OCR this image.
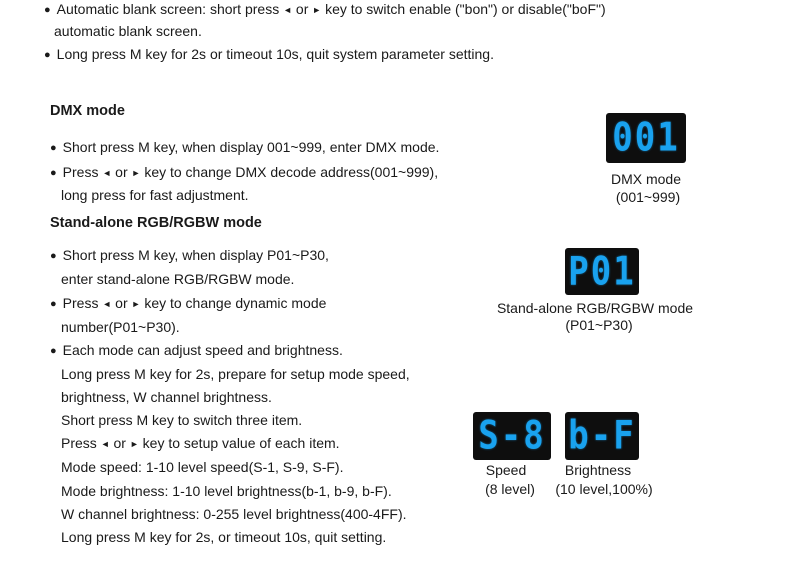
● Automatic blank screen: short press ◄ or ► key to switch enable ("bon") or disable("boF")
automatic blank screen.
● Long press M key for 2s or timeout 10s, quit system parameter setting.
DMX mode
● Short press M key, when display 001~999, enter DMX mode.
● Press ◄ or ► key to change DMX decode address(001~999),
long press for fast adjustment.
Stand-alone RGB/RGBW mode
● Short press M key, when display P01~P30,
enter stand-alone RGB/RGBW mode.
● Press ◄ or ► key to change dynamic mode
number(P01~P30).
● Each mode can adjust speed and brightness.
Long press M key for 2s, prepare for setup mode speed,
brightness, W channel brightness.
Short press M key to switch three item.
Press ◄ or ► key to setup value of each item.
Mode speed: 1-10 level speed(S-1, S-9, S-F).
Mode brightness: 1-10 level brightness(b-1, b-9, b-F).
W channel brightness: 0-255 level brightness(400-4FF).
Long press M key for 2s, or timeout 10s, quit setting.
001
DMX mode
(001~999)
P01
Stand-alone RGB/RGBW mode
(P01~P30)
S-8
Speed
(8 level)
b-F
Brightness
(10 level,100%)
